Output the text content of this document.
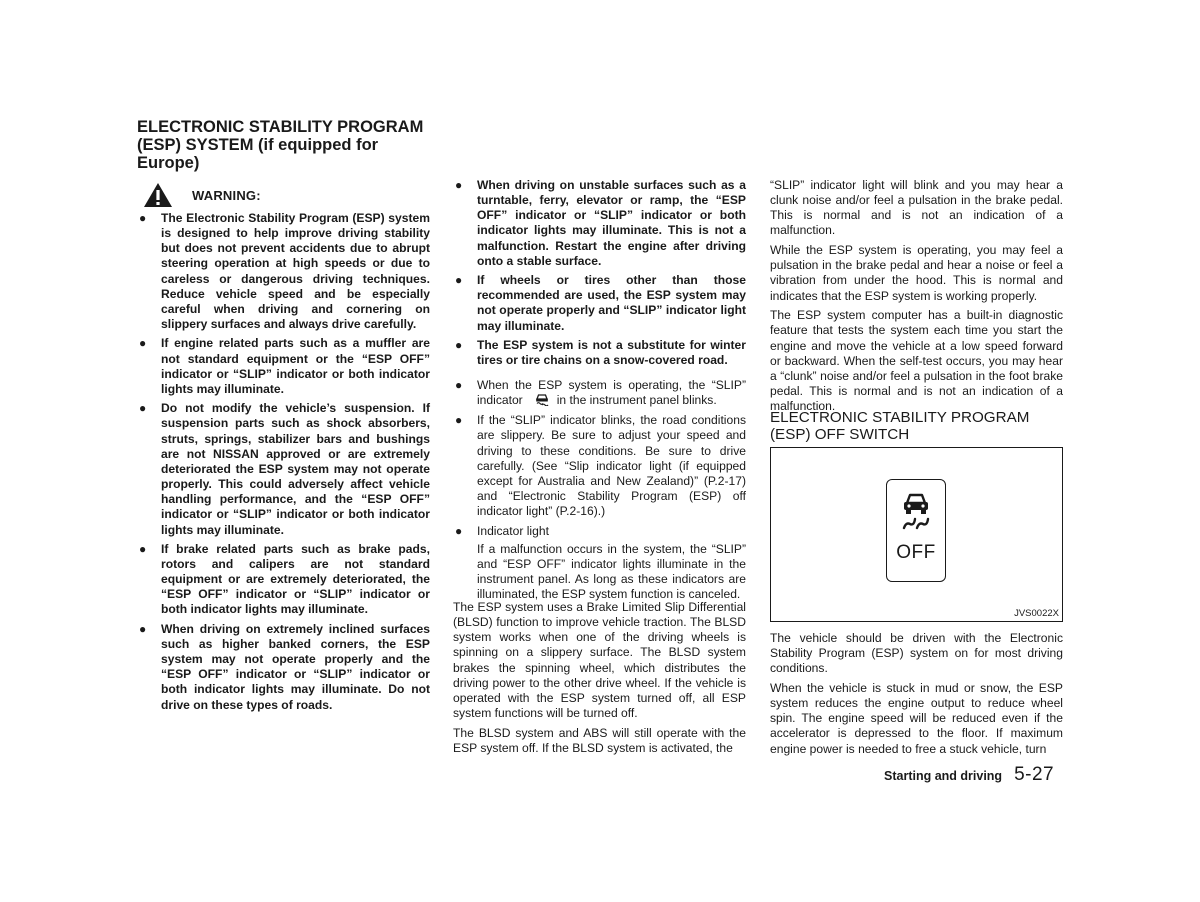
ELECTRONIC STABILITY PROGRAM (ESP) SYSTEM (if equipped for Europe)
WARNING:
● The Electronic Stability Program (ESP) system is designed to help improve driving stability but does not prevent accidents due to abrupt steering operation at high speeds or due to careless or dangerous driving techniques. Reduce vehicle speed and be especially careful when driving and cornering on slippery surfaces and always drive carefully.
● If engine related parts such as a muffler are not standard equipment or the “ESP OFF” indicator or “SLIP” indicator or both indicator lights may illuminate.
● Do not modify the vehicle’s suspension. If suspension parts such as shock absorbers, struts, springs, stabilizer bars and bushings are not NISSAN approved or are extremely deteriorated the ESP system may not operate properly. This could adversely affect vehicle handling performance, and the “ESP OFF” indicator or “SLIP” indicator or both indicator lights may illuminate.
● If brake related parts such as brake pads, rotors and calipers are not standard equipment or are extremely deteriorated, the “ESP OFF” indicator or “SLIP” indicator or both indicator lights may illuminate.
● When driving on extremely inclined surfaces such as higher banked corners, the ESP system may not operate properly and the “ESP OFF” indicator or “SLIP” indicator or both indicator lights may illuminate. Do not drive on these types of roads.
● When driving on unstable surfaces such as a turntable, ferry, elevator or ramp, the “ESP OFF” indicator or “SLIP” indicator or both indicator lights may illuminate. This is not a malfunction. Restart the engine after driving onto a stable surface.
● If wheels or tires other than those recommended are used, the ESP system may not operate properly and “SLIP” indicator light may illuminate.
● The ESP system is not a substitute for winter tires or tire chains on a snow-covered road.
● When the ESP system is operating, the “SLIP” indicator	in the instrument panel blinks.
● If the “SLIP” indicator blinks, the road conditions are slippery. Be sure to adjust your speed and driving to these conditions. Be sure to drive carefully. (See “Slip indicator light (if equipped except for Australia and New Zealand)” (P.2-17) and “Electronic Stability Program (ESP) off indicator light” (P.2-16).)
● Indicator light

If a malfunction occurs in the system, the “SLIP” and “ESP OFF” indicator lights illuminate in the instrument panel. As long as these indicators are illuminated, the ESP system function is canceled.

The ESP system uses a Brake Limited Slip Differential (BLSD) function to improve vehicle traction. The BLSD system works when one of the driving wheels is spinning on a slippery surface. The BLSD system brakes the spinning wheel, which distributes the driving power to the other drive wheel. If the vehicle is operated with the ESP system turned off, all ESP system functions will be turned off.

The BLSD system and ABS will still operate with the ESP system off. If the BLSD system is activated, the

“SLIP” indicator light will blink and you may hear a clunk noise and/or feel a pulsation in the brake pedal. This is normal and is not an indication of a malfunction.

While the ESP system is operating, you may feel a pulsation in the brake pedal and hear a noise or feel a vibration from under the hood. This is normal and indicates that the ESP system is working properly.

The ESP system computer has a built-in diagnostic feature that tests the system each time you start the engine and move the vehicle at a low speed forward or backward. When the self-test occurs, you may hear a “clunk” noise and/or feel a pulsation in the foot brake pedal. This is normal and is not an indication of a malfunction.

ELECTRONIC STABILITY PROGRAM (ESP) OFF SWITCH
OFF
JVS0022X

The vehicle should be driven with the Electronic Stability Program (ESP) system on for most driving conditions.

When the vehicle is stuck in mud or snow, the ESP system reduces the engine output to reduce wheel spin. The engine speed will be reduced even if the accelerator is depressed to the floor. If maximum engine power is needed to free a stuck vehicle, turn

Starting and driving 5-27
